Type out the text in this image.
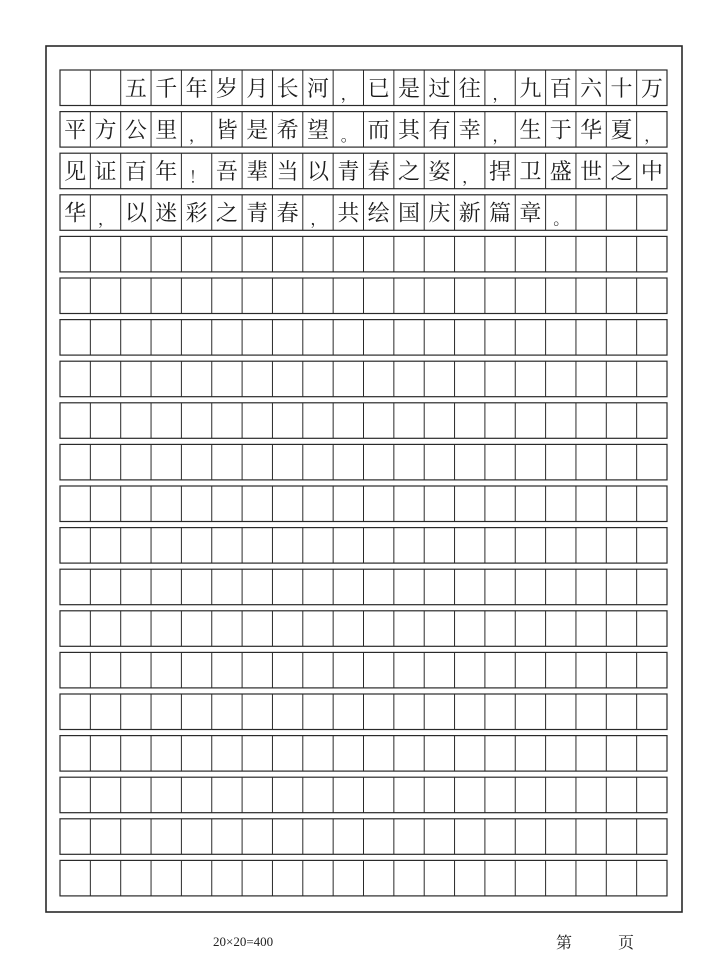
五 千 年 岁 月 长 河 ， 已 是 过 往 ， 九 百 六 十 万
平 方 公 里 ， 皆 是 希 望 。 而 其 有 幸 ， 生 于 华 夏 ，
见 证 百 年 ！ 吾 辈 当 以 青 春 之 姿 ， 捍 卫 盛 世 之 中
华 ， 以 迷 彩 之 青 春 ， 共 绘 国 庆 新 篇 章 。
20×20=400	第	页
